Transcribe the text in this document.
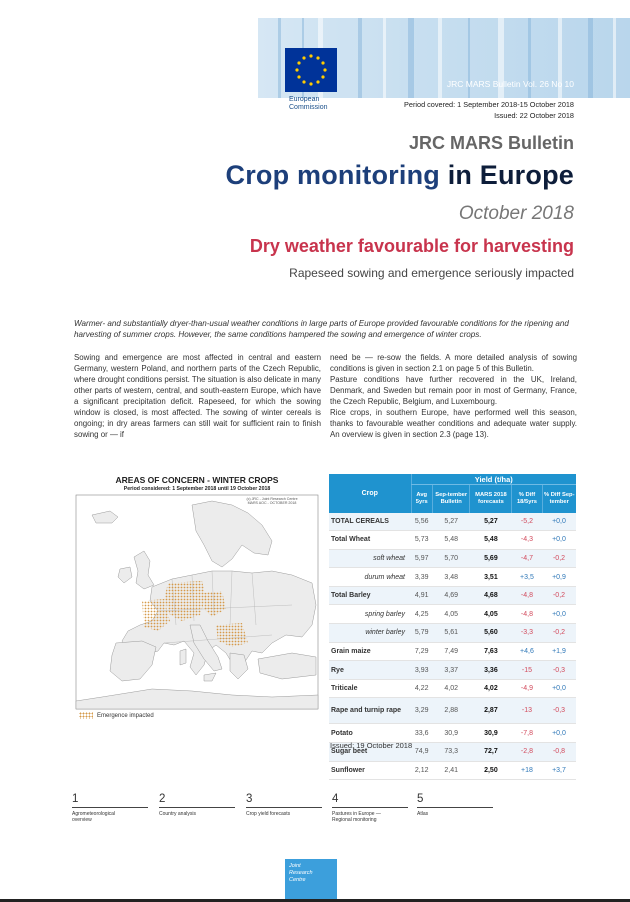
European
Commission
JRC MARS Bulletin Vol. 26 No 10
Period covered: 1 September 2018-15 October 2018
Issued: 22 October 2018
JRC MARS Bulletin
Crop monitoring in Europe
October 2018
Dry weather favourable for harvesting
Rapeseed sowing and emergence seriously impacted
Warmer- and substantially dryer-than-usual weather conditions in large parts of Europe provided favourable conditions for the ripening and harvesting of summer crops. However, the same conditions hampered the sowing and emergence of winter crops.

Sowing and emergence are most affected in central and eastern Germany, western Poland, and northern parts of the Czech Republic, where drought conditions persist. The situation is also delicate in many other parts of western, central, and south-eastern Europe, which have a significant precipitation deficit. Rapeseed, for which the sowing window is closed, is most affected. The sowing of winter cereals is ongoing; in dry areas farmers can still wait for sufficient rain to finish sowing or — if

need be — re-sow the fields. A more detailed analysis of sowing conditions is given in section 2.1 on page 5 of this Bulletin.

Pasture conditions have further recovered in the UK, Ireland, Denmark, and Sweden but remain poor in most of Germany, France, the Czech Republic, Belgium, and Luxembourg.

Rice crops, in southern Europe, have performed well this season, thanks to favourable weather conditions and adequate water supply. An overview is given in section 2.3 (page 13).

AREAS OF CONCERN - WINTER CROPS
Period considered: 1 September 2018 until 19 October 2018
(c) JRC - Joint Research Centre
MARS AOC - OCTOBER 2018
Emergence impacted
Crop	Yield (t/ha)				
	Avg 5yrs	Sep-tember Bulletin	MARS 2018 forecasts	% Diff 18/5yrs	% Diff Sep-tember
TOTAL CEREALS	5,56	5,27	5,27	-5,2	+0,0
Total Wheat	5,73	5,48	5,48	-4,3	+0,0
soft wheat	5,97	5,70	5,69	-4,7	-0,2
durum wheat	3,39	3,48	3,51	+3,5	+0,9
Total Barley	4,91	4,69	4,68	-4,8	-0,2
spring barley	4,25	4,05	4,05	-4,8	+0,0
winter barley	5,79	5,61	5,60	-3,3	-0,2
Grain maize	7,29	7,49	7,63	+4,6	+1,9
Rye	3,93	3,37	3,36	-15	-0,3
Triticale	4,22	4,02	4,02	-4,9	+0,0
Rape and turnip rape	3,29	2,88	2,87	-13	-0,3
Potato	33,6	30,9	30,9	-7,8	+0,0
Sugar beet	74,9	73,3	72,7	-2,8	-0,8
Sunflower	2,12	2,41	2,50	+18	+3,7
Issued: 19 October 2018
1
Agrometeorological
overview
2
Country analysis
3
Crop yield forecasts
4
Pastures in Europe —
Regional monitoring
5
Atlas
Joint
Research
Centre
